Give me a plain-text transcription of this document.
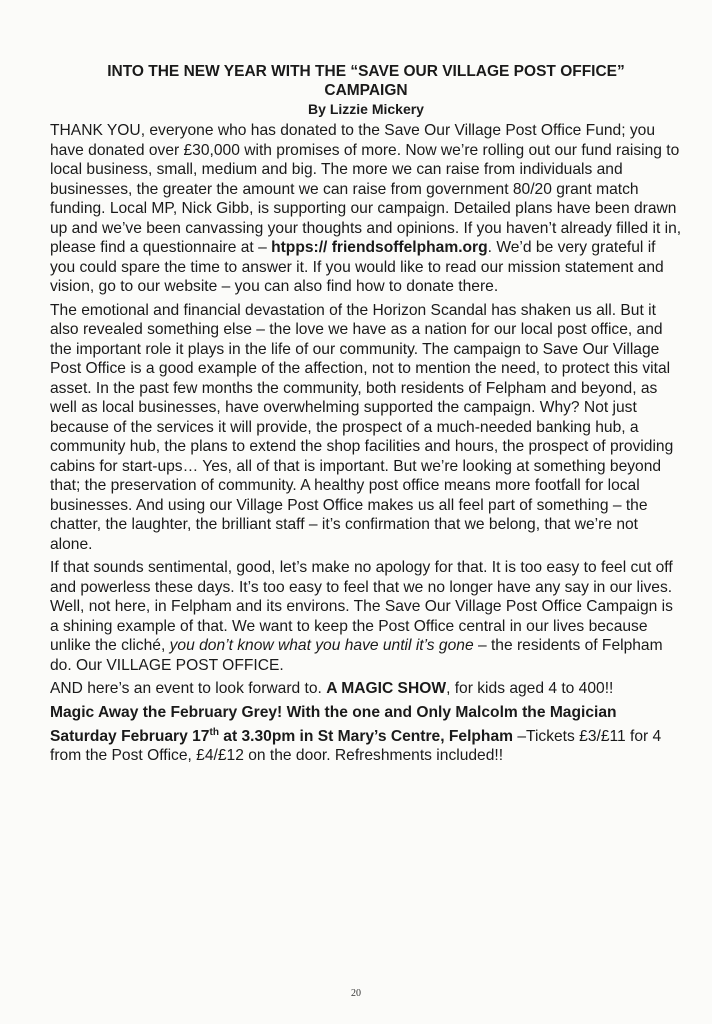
INTO THE NEW YEAR WITH THE “SAVE OUR VILLAGE POST OFFICE”
CAMPAIGN
By Lizzie Mickery

THANK YOU, everyone who has donated to the Save Our Village Post Office Fund; you have donated over £30,000 with promises of more. Now we’re rolling out our fund raising to local business, small, medium and big. The more we can raise from individuals and businesses, the greater the amount we can raise from government 80/20 grant match funding. Local MP, Nick Gibb, is supporting our campaign. Detailed plans have been drawn up and we’ve been canvassing your thoughts and opinions. If you haven’t already filled it in, please find a questionnaire at – htpps:// friendsoffelpham.org. We’d be very grateful if you could spare the time to answer it. If you would like to read our mission statement and vision, go to our website – you can also find how to donate there.

The emotional and financial devastation of the Horizon Scandal has shaken us all. But it also revealed something else – the love we have as a nation for our local post office, and the important role it plays in the life of our community. The campaign to Save Our Village Post Office is a good example of the affection, not to mention the need, to protect this vital asset. In the past few months the community, both residents of Felpham and beyond, as well as local businesses, have overwhelming supported the campaign. Why? Not just because of the services it will provide, the prospect of a much-needed banking hub, a community hub, the plans to extend the shop facilities and hours, the prospect of providing cabins for start-ups… Yes, all of that is important. But we’re looking at something beyond that; the preservation of community. A healthy post office means more footfall for local businesses. And using our Village Post Office makes us all feel part of something – the chatter, the laughter, the brilliant staff – it’s confirmation that we belong, that we’re not alone.

If that sounds sentimental, good, let’s make no apology for that. It is too easy to feel cut off and powerless these days. It’s too easy to feel that we no longer have any say in our lives. Well, not here, in Felpham and its environs. The Save Our Village Post Office Campaign is a shining example of that. We want to keep the Post Office central in our lives because unlike the cliché, you don’t know what you have until it’s gone – the residents of Felpham do. Our VILLAGE POST OFFICE.

AND here’s an event to look forward to. A MAGIC SHOW, for kids aged 4 to 400!!

Magic Away the February Grey! With the one and Only Malcolm the Magician

Saturday February 17th at 3.30pm in St Mary’s Centre, Felpham –Tickets £3/£11 for 4 from the Post Office, £4/£12 on the door. Refreshments included!!

20
